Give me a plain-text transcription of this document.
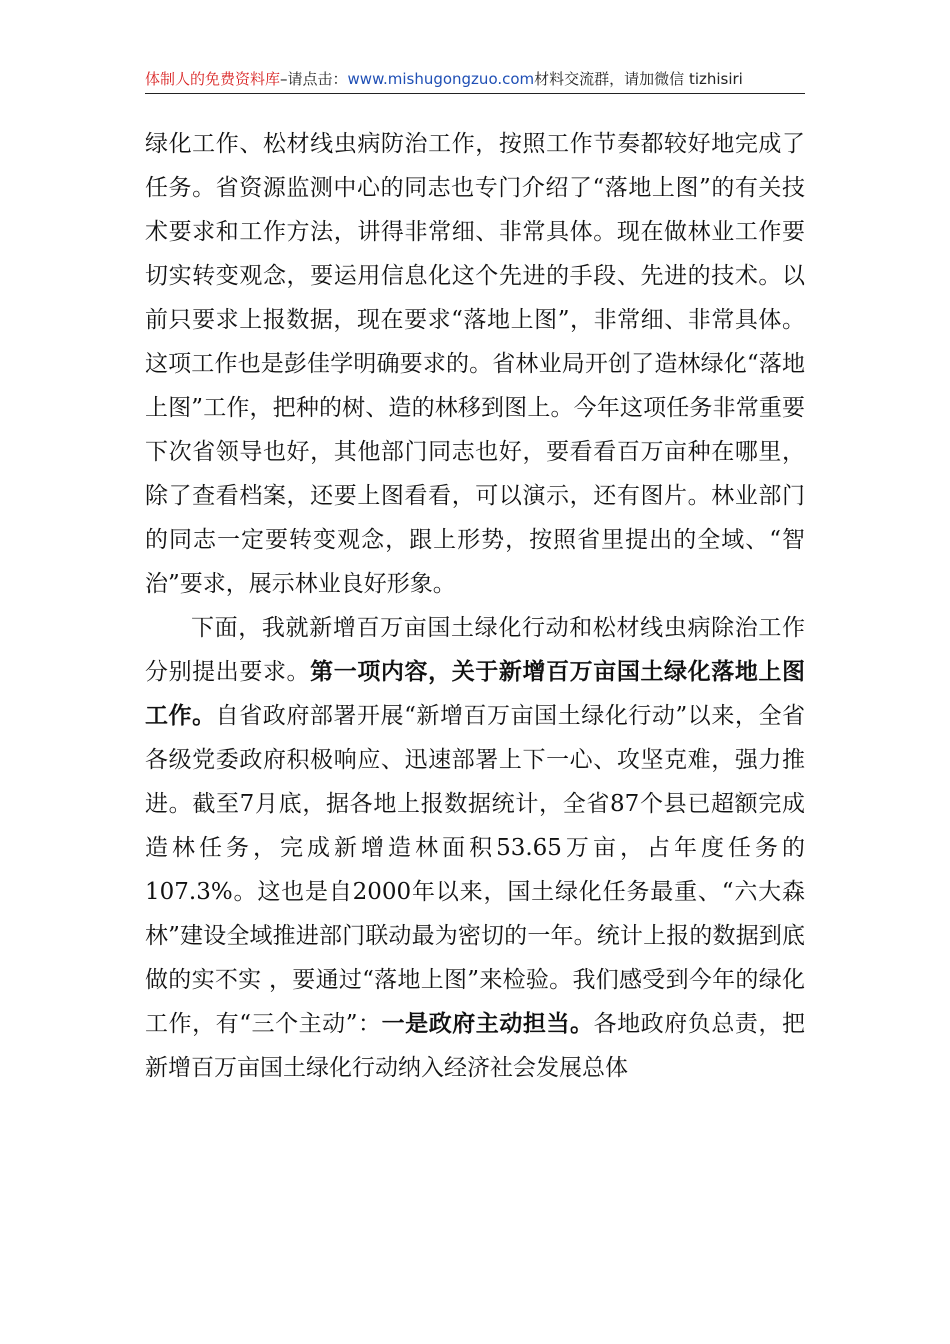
体制人的免费资料库–请点击：www.mishugongzuo.com材料交流群，请加微信 tizhisiri

绿化工作、松材线虫病防治工作，按照工作节奏都较好地完成了任务。省资源监测中心的同志也专门介绍了“落地上图”的有关技术要求和工作方法，讲得非常细、非常具体。现在做林业工作要切实转变观念，要运用信息化这个先进的手段、先进的技术。以前只要求上报数据，现在要求“落地上图”，非常细、非常具体。这项工作也是彭佳学明确要求的。省林业局开创了造林绿化“落地上图”工作，把种的树、造的林移到图上。今年这项任务非常重要下次省领导也好，其他部门同志也好，要看看百万亩种在哪里，除了查看档案，还要上图看看，可以演示，还有图片。林业部门的同志一定要转变观念，跟上形势，按照省里提出的全域、“智治”要求，展示林业良好形象。

下面，我就新增百万亩国土绿化行动和松材线虫病除治工作分别提出要求。第一项内容，关于新增百万亩国土绿化落地上图工作。自省政府部署开展“新增百万亩国土绿化行动”以来，全省各级党委政府积极响应、迅速部署上下一心、攻坚克难，强力推进。截至7月底，据各地上报数据统计，全省87个县已超额完成造林任务，完成新增造林面积53.65万亩，占年度任务的107.3%。这也是自2000年以来，国土绿化任务最重、“六大森林”建设全域推进部门联动最为密切的一年。统计上报的数据到底做的实不实 ，要通过“落地上图”来检验。我们感受到今年的绿化工作，有“三个主动”：一是政府主动担当。各地政府负总责，把新增百万亩国土绿化行动纳入经济社会发展总体
